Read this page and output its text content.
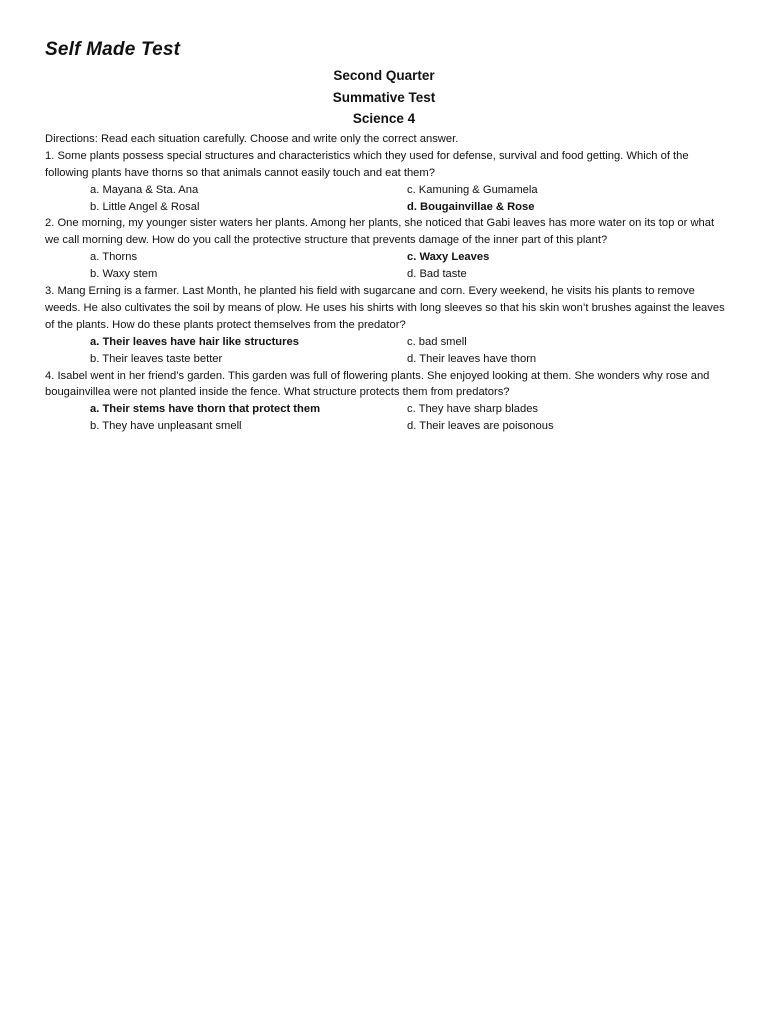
Self Made Test
Second Quarter
Summative Test
Science 4
Directions: Read each situation carefully. Choose and write only the correct answer.
1. Some plants possess special structures and characteristics which they used for defense, survival and food getting. Which of the following plants have thorns so that animals cannot easily touch and eat them?
a. Mayana & Sta. Ana	c. Kamuning & Gumamela
b. Little Angel & Rosal	d. Bougainvillae & Rose
2. One morning, my younger sister waters her plants. Among her plants, she noticed that Gabi leaves has more water on its top or what we call morning dew. How do you call the protective structure that prevents damage of the inner part of this plant?
a. Thorns	c. Waxy Leaves
b. Waxy stem	d. Bad taste
3. Mang Erning is a farmer. Last Month, he planted his field with sugarcane and corn. Every weekend, he visits his plants to remove weeds. He also cultivates the soil by means of plow. He uses his shirts with long sleeves so that his skin won’t brushes against the leaves of the plants. How do these plants protect themselves from the predator?
a. Their leaves have hair like structures	c. bad smell
b. Their leaves taste better	d. Their leaves have thorn
4. Isabel went in her friend’s garden. This garden was full of flowering plants. She enjoyed looking at them. She wonders why rose and bougainvillea were not planted inside the fence. What structure protects them from predators?
a. Their stems have thorn that protect them	c. They have sharp blades
b. They have unpleasant smell	d. Their leaves are poisonous
